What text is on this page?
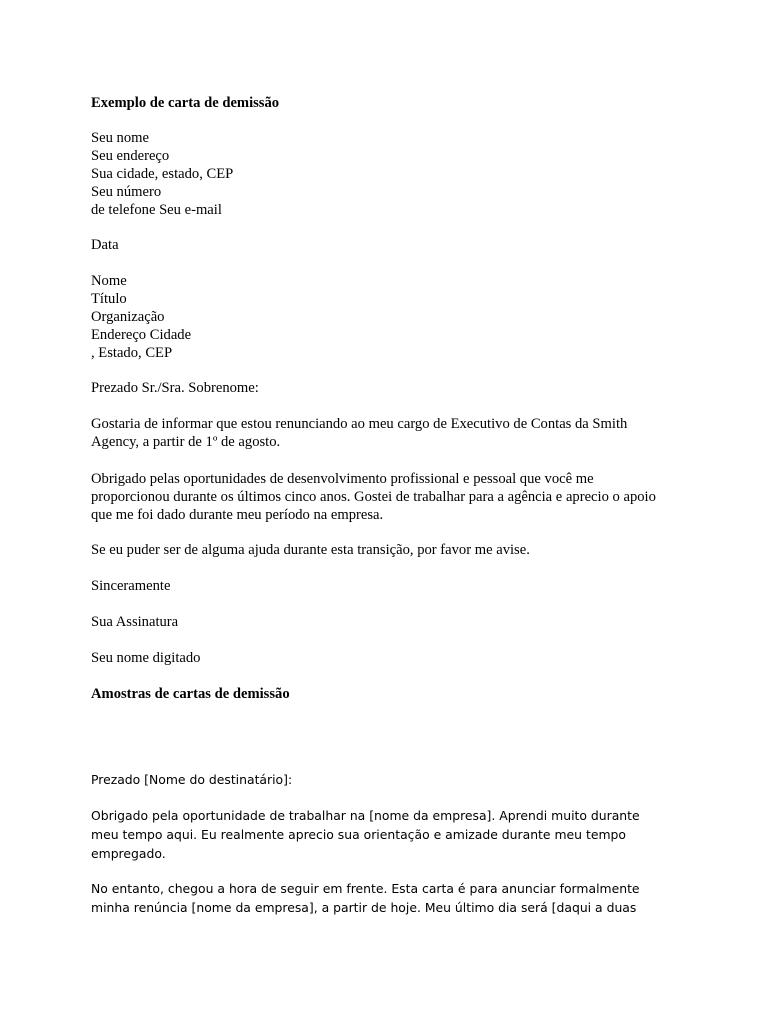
Exemplo de carta de demissão

Seu nome
Seu endereço
Sua cidade, estado, CEP
Seu número
de telefone Seu e-mail

Data

Nome
Título
Organização
Endereço Cidade
, Estado, CEP

Prezado Sr./Sra. Sobrenome:

Gostaria de informar que estou renunciando ao meu cargo de Executivo de Contas da Smith
Agency, a partir de 1º de agosto.

Obrigado pelas oportunidades de desenvolvimento profissional e pessoal que você me
proporcionou durante os últimos cinco anos. Gostei de trabalhar para a agência e aprecio o apoio
que me foi dado durante meu período na empresa.

Se eu puder ser de alguma ajuda durante esta transição, por favor me avise.

Sinceramente

Sua Assinatura

Seu nome digitado

Amostras de cartas de demissão

Prezado [Nome do destinatário]:

Obrigado pela oportunidade de trabalhar na [nome da empresa]. Aprendi muito durante
meu tempo aqui. Eu realmente aprecio sua orientação e amizade durante meu tempo
empregado.

No entanto, chegou a hora de seguir em frente. Esta carta é para anunciar formalmente
minha renúncia [nome da empresa], a partir de hoje. Meu último dia será [daqui a duas
